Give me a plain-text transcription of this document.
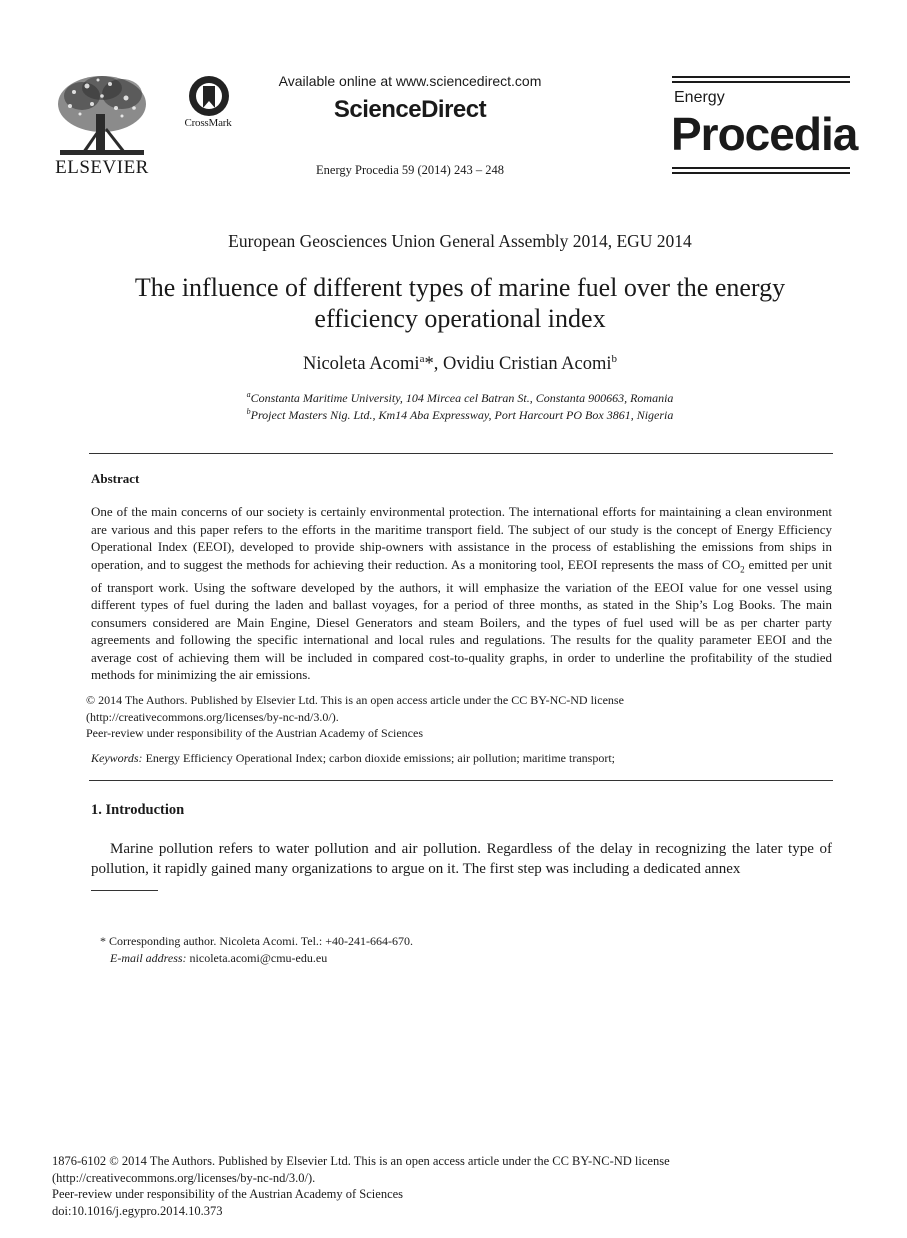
ELSEVIER
CrossMark
Available online at www.sciencedirect.com
ScienceDirect
Energy Procedia 59 (2014) 243 – 248
Energy
Procedia
European Geosciences Union General Assembly 2014, EGU 2014
The influence of different types of marine fuel over the energy
efficiency operational index
Nicoleta Acomi$^a$*, Ovidiu Cristian Acomi$^b$
$^a$Constanta Maritime University, 104 Mircea cel Batran St., Constanta 900663, Romania
$^b$Project Masters Nig. Ltd., Km14 Aba Expressway, Port Harcourt PO Box 3861, Nigeria
Abstract
One of the main concerns of our society is certainly environmental protection. The international efforts for maintaining a clean environment are various and this paper refers to the efforts in the maritime transport field. The subject of our study is the concept of Energy Efficiency Operational Index (EEOI), developed to provide ship-owners with assistance in the process of establishing the emissions from ships in operation, and to suggest the methods for achieving their reduction. As a monitoring tool, EEOI represents the mass of $CO_2$ emitted per unit of transport work. Using the software developed by the authors, it will emphasize the variation of the EEOI value for one vessel using different types of fuel during the laden and ballast voyages, for a period of three months, as stated in the Ship’s Log Books. The main consumers considered are Main Engine, Diesel Generators and steam Boilers, and the types of fuel used will be as per charter party agreements and following the specific international and local rules and regulations. The results for the quality parameter EEOI and the average cost of achieving them will be included in compared cost-to-quality graphs, in order to underline the profitability of the studied methods for minimizing the air emissions.
© 2014 The Authors. Published by Elsevier Ltd. This is an open access article under the CC BY-NC-ND license
(http://creativecommons.org/licenses/by-nc-nd/3.0/).
Peer-review under responsibility of the Austrian Academy of Sciences
Keywords: Energy Efficiency Operational Index; carbon dioxide emissions; air pollution; maritime transport;
1. Introduction
Marine pollution refers to water pollution and air pollution. Regardless of the delay in recognizing the later type of pollution, it rapidly gained many organizations to argue on it. The first step was including a dedicated annex
* Corresponding author. Nicoleta Acomi. Tel.: +40-241-664-670.
E-mail address: nicoleta.acomi@cmu-edu.eu
1876-6102 © 2014 The Authors. Published by Elsevier Ltd. This is an open access article under the CC BY-NC-ND license
(http://creativecommons.org/licenses/by-nc-nd/3.0/).
Peer-review under responsibility of the Austrian Academy of Sciences
doi:10.1016/j.egypro.2014.10.373
